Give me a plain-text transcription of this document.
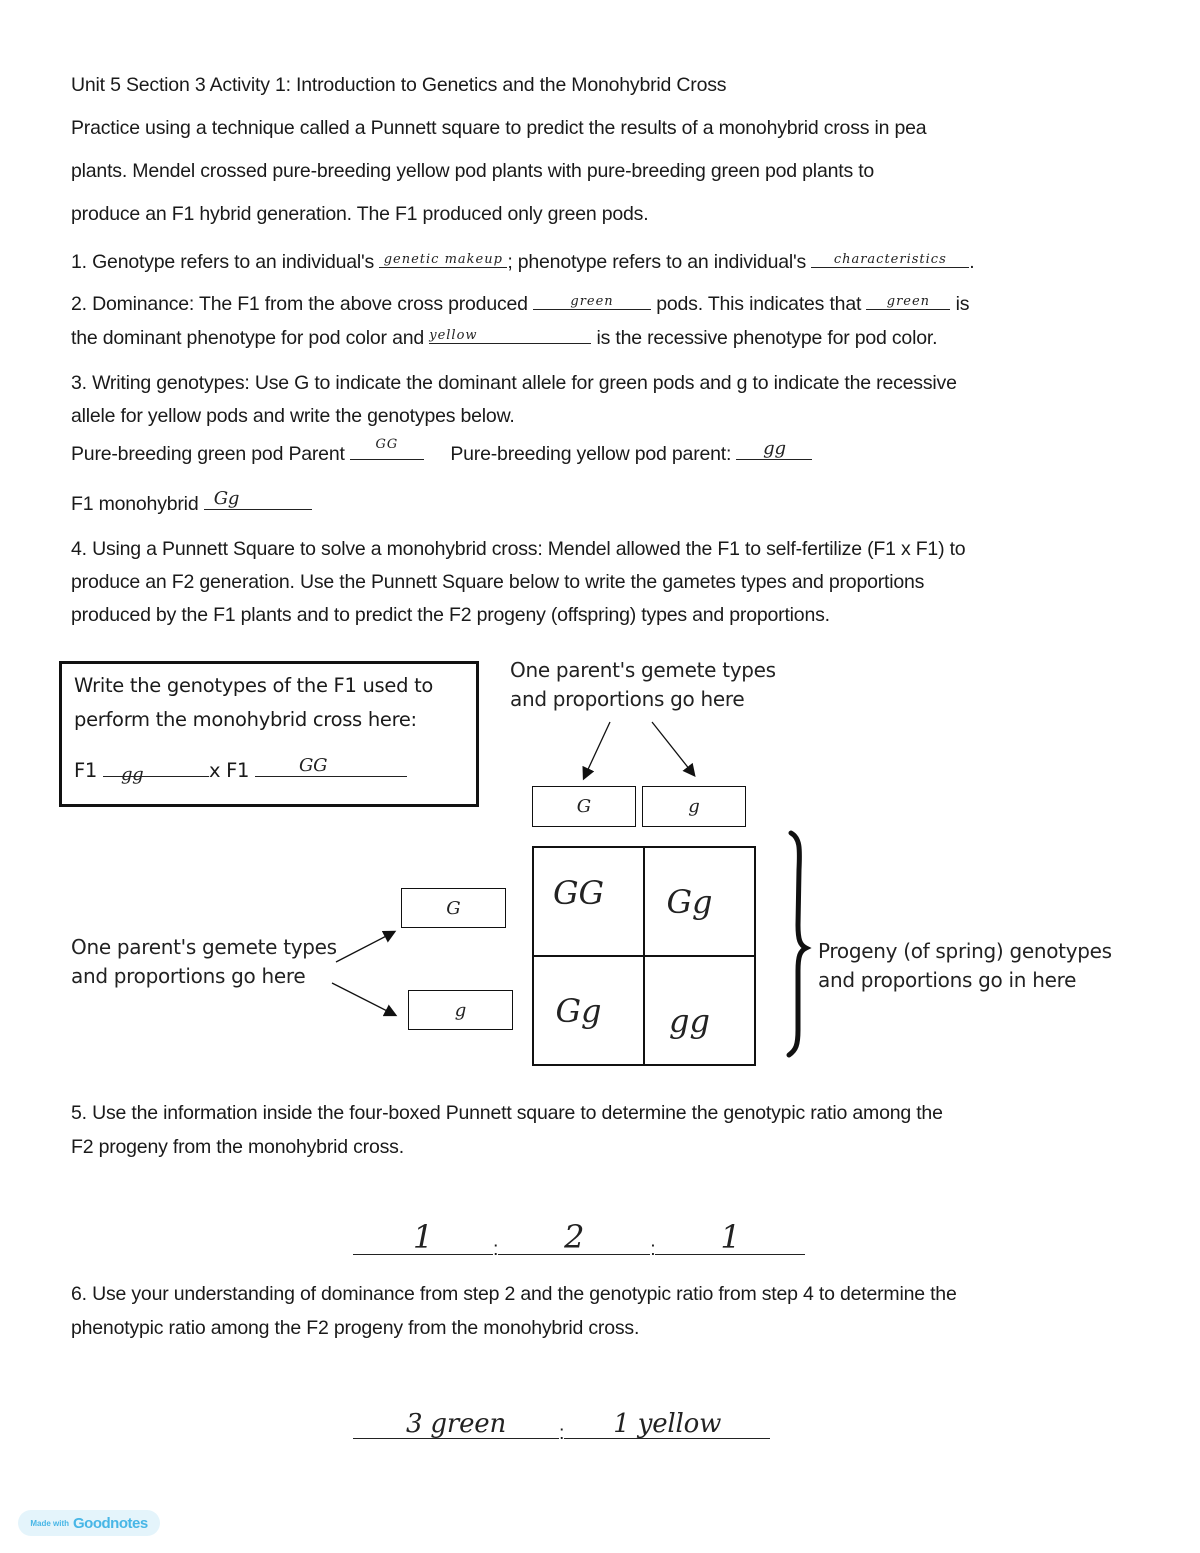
Unit 5 Section 3 Activity 1: Introduction to Genetics and the Monohybrid Cross
Practice using a technique called a Punnett square to predict the results of a monohybrid cross in pea
plants. Mendel crossed pure-breeding yellow pod plants with pure-breeding green pod plants to
produce an F1 hybrid generation. The F1 produced only green pods.
1. Genotype refers to an individual's genetic makeup ; phenotype refers to an individual's	characteristics	.
2. Dominance: The F1 from the above cross produced	green	pods. This indicates that	green	is
the dominant phenotype for pod color and yellow	is the recessive phenotype for pod color.
3. Writing genotypes: Use G to indicate the dominant allele for green pods and g to indicate the recessive
allele for yellow pods and write the genotypes below.
Pure-breeding green pod Parent	GG	Pure-breeding yellow pod parent:	gg
F1 monohybrid Gg
4. Using a Punnett Square to solve a monohybrid cross: Mendel allowed the F1 to self-fertilize (F1 x F1) to
produce an F2 generation. Use the Punnett Square below to write the gametes types and proportions
produced by the F1 plants and to predict the F2 progeny (offspring) types and proportions.
Write the genotypes of the F1 used to
perform the monohybrid cross here:
F1	gg	x F1	GG
One parent's gemete types
and proportions go here
One parent's gemete types
and proportions go here
Progeny (of spring) genotypes
and proportions go in here
G	g
G
g
GG Gg
Gg gg
5. Use the information inside the four-boxed Punnett square to determine the genotypic ratio among the
F2 progeny from the monohybrid cross.
1	:	2	:	1
6. Use your understanding of dominance from step 2 and the genotypic ratio from step 4 to determine the
phenotypic ratio among the F2 progeny from the monohybrid cross.
3 green	:	1 yellow
Made with Goodnotes
